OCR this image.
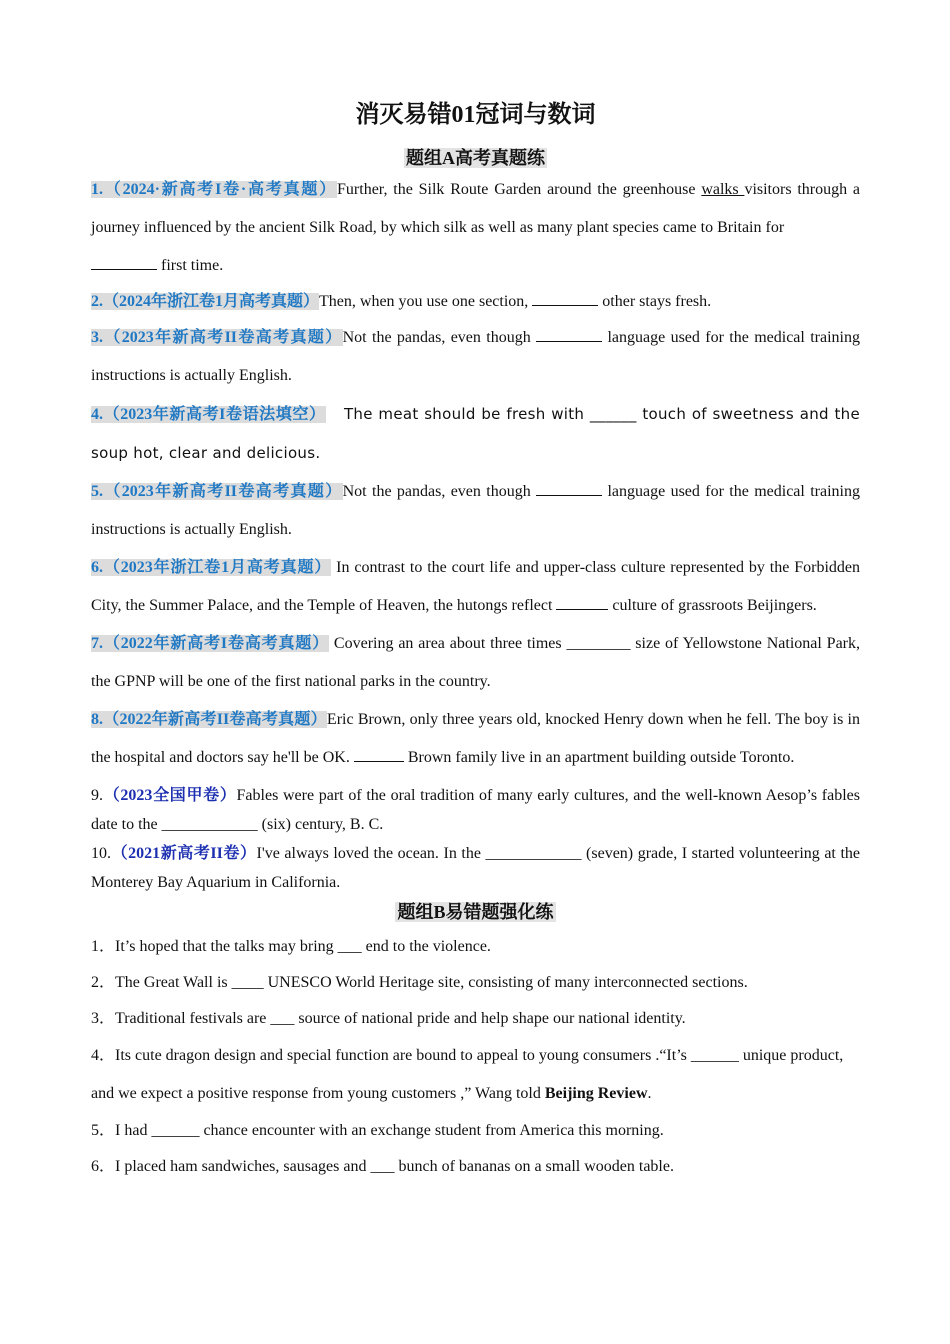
消灭易错01冠词与数词
题组A高考真题练
1.（2024·新高考I卷·高考真题）Further, the Silk Route Garden around the greenhouse walks visitors through a journey influenced by the ancient Silk Road, by which silk as well as many plant species came to Britain for
first time.
2.（2024年浙江卷1月高考真题）Then, when you use one section,	other stays fresh.
3.（2023年新高考II卷高考真题）Not the pandas, even though	language used for the medical training instructions is actually English.
4.（2023年新高考I卷语法填空） The meat should be fresh with ______ touch of sweetness and the soup hot, clear and delicious.
5.（2023年新高考II卷高考真题）Not the pandas, even though	language used for the medical training instructions is actually English.
6.（2023年浙江卷1月高考真题） In contrast to the court life and upper-class culture represented by the Forbidden City, the Summer Palace, and the Temple of Heaven, the hutongs reflect	culture of grassroots Beijingers.
7.（2022年新高考I卷高考真题） Covering an area about three times ________ size of Yellowstone National Park, the GPNP will be one of the first national parks in the country.
8.（2022年新高考II卷高考真题）Eric Brown, only three years old, knocked Henry down when he fell. The boy is in the hospital and doctors say he'll be OK.	Brown family live in an apartment building outside Toronto.
9.（2023全国甲卷）Fables were part of the oral tradition of many early cultures, and the well-known Aesop’s fables date to the ____________ (six) century, B. C.
10.（2021新高考II卷）I've always loved the ocean. In the ____________ (seven) grade, I started volunteering at the Monterey Bay Aquarium in California.
题组B易错题强化练
1．It’s hoped that the talks may bring ___ end to the violence.
2．The Great Wall is ____ UNESCO World Heritage site, consisting of many interconnected sections.
3．Traditional festivals are ___ source of national pride and help shape our national identity.
4．Its cute dragon design and special function are bound to appeal to young consumers .“It’s ______ unique product, and we expect a positive response from young customers ,” Wang told Beijing Review.
5．I had ______ chance encounter with an exchange student from America this morning.
6．I placed ham sandwiches, sausages and ___ bunch of bananas on a small wooden table.
